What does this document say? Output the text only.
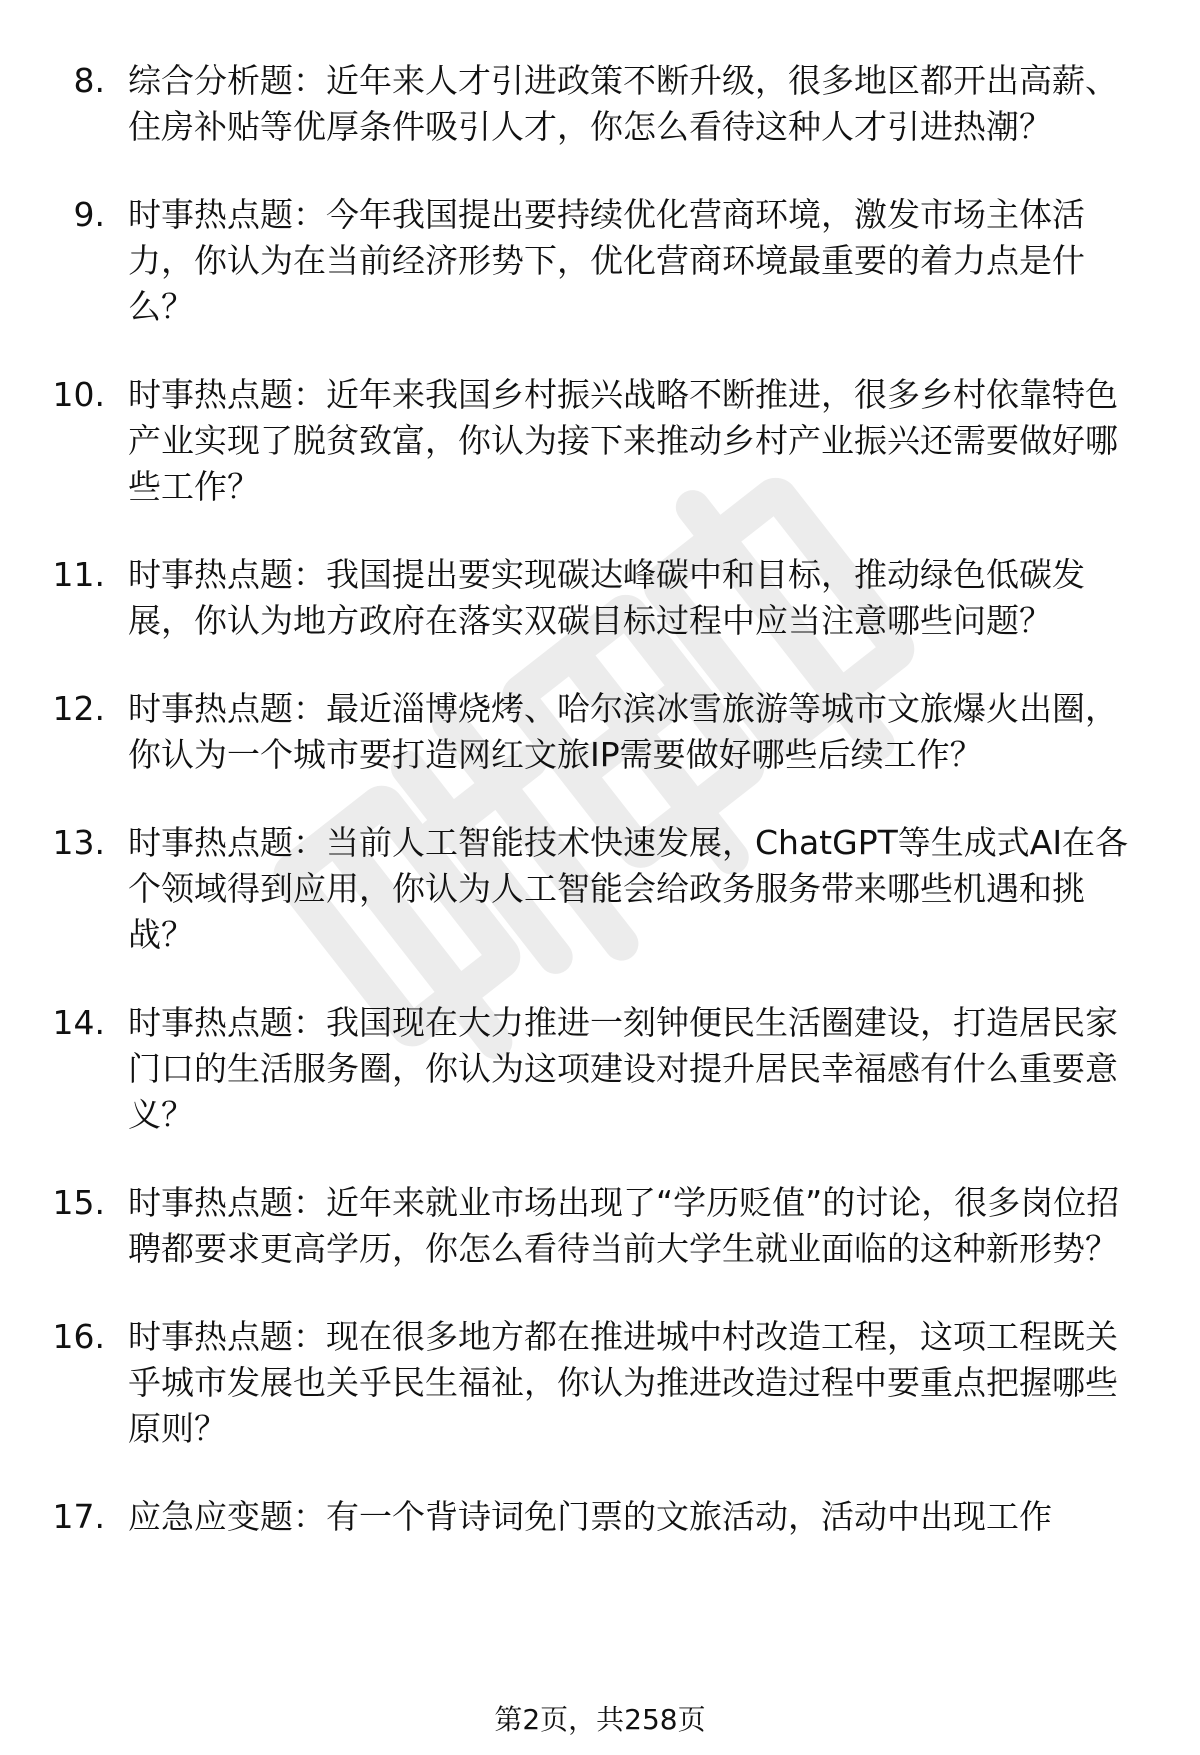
8. 综合分析题：近年来人才引进政策不断升级，很多地区都开出高薪、住房补贴等优厚条件吸引人才，你怎么看待这种人才引进热潮？
9. 时事热点题：今年我国提出要持续优化营商环境，激发市场主体活力，你认为在当前经济形势下，优化营商环境最重要的着力点是什么？
10. 时事热点题：近年来我国乡村振兴战略不断推进，很多乡村依靠特色产业实现了脱贫致富，你认为接下来推动乡村产业振兴还需要做好哪些工作？
11. 时事热点题：我国提出要实现碳达峰碳中和目标，推动绿色低碳发展，你认为地方政府在落实双碳目标过程中应当注意哪些问题？
12. 时事热点题：最近淄博烧烤、哈尔滨冰雪旅游等城市文旅爆火出圈，你认为一个城市要打造网红文旅IP需要做好哪些后续工作？
13. 时事热点题：当前人工智能技术快速发展，ChatGPT等生成式AI在各个领域得到应用，你认为人工智能会给政务服务带来哪些机遇和挑战？
14. 时事热点题：我国现在大力推进一刻钟便民生活圈建设，打造居民家门口的生活服务圈，你认为这项建设对提升居民幸福感有什么重要意义？
15. 时事热点题：近年来就业市场出现了“学历贬值”的讨论，很多岗位招聘都要求更高学历，你怎么看待当前大学生就业面临的这种新形势？
16. 时事热点题：现在很多地方都在推进城中村改造工程，这项工程既关乎城市发展也关乎民生福祉，你认为推进改造过程中要重点把握哪些原则？
17. 应急应变题：有一个背诗词免门票的文旅活动，活动中出现工作
第2页，共258页
